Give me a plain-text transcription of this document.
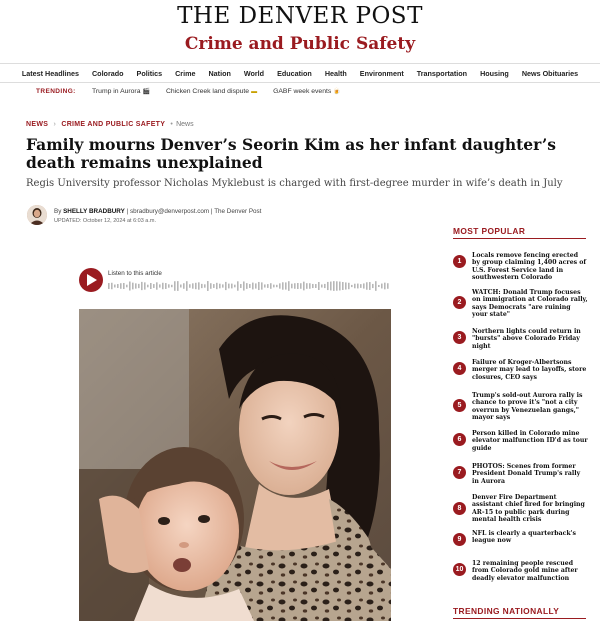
THE DENVER POST
Crime and Public Safety
Latest Headlines Colorado Politics Crime Nation World Education Health Environment Transportation Housing News Obituaries
TRENDING:	Trump in Aurora 🎬 Chicken Creek land dispute ▬ GABF week events 🍺
NEWS › CRIME AND PUBLIC SAFETY • News
Family mourns Denver’s Seorin Kim as her infant daughter’s death remains unexplained
Regis University professor Nicholas Myklebust is charged with first-degree murder in wife’s death in July
By SHELLY BRADBURY | sbradbury@denverpost.com | The Denver Post
UPDATED: October 12, 2024 at 6:03 a.m.
Listen to this article
MOST POPULAR
1
Locals remove fencing erected by group claiming 1,400 acres of U.S. Forest Service land in southwestern Colorado
2
WATCH: Donald Trump focuses on immigration at Colorado rally, says Democrats "are ruining your state"
3
Northern lights could return in "bursts" above Colorado Friday night
4
Failure of Kroger-Albertsons merger may lead to layoffs, store closures, CEO says
5
Trump's sold-out Aurora rally is chance to prove it's "not a city overrun by Venezuelan gangs," mayor says
6
Person killed in Colorado mine elevator malfunction ID'd as tour guide
7
PHOTOS: Scenes from former President Donald Trump's rally in Aurora
8
Denver Fire Department assistant chief fired for bringing AR-15 to public park during mental health crisis
9
NFL is clearly a quarterback's league now
10
12 remaining people rescued from Colorado gold mine after deadly elevator malfunction
TRENDING NATIONALLY
